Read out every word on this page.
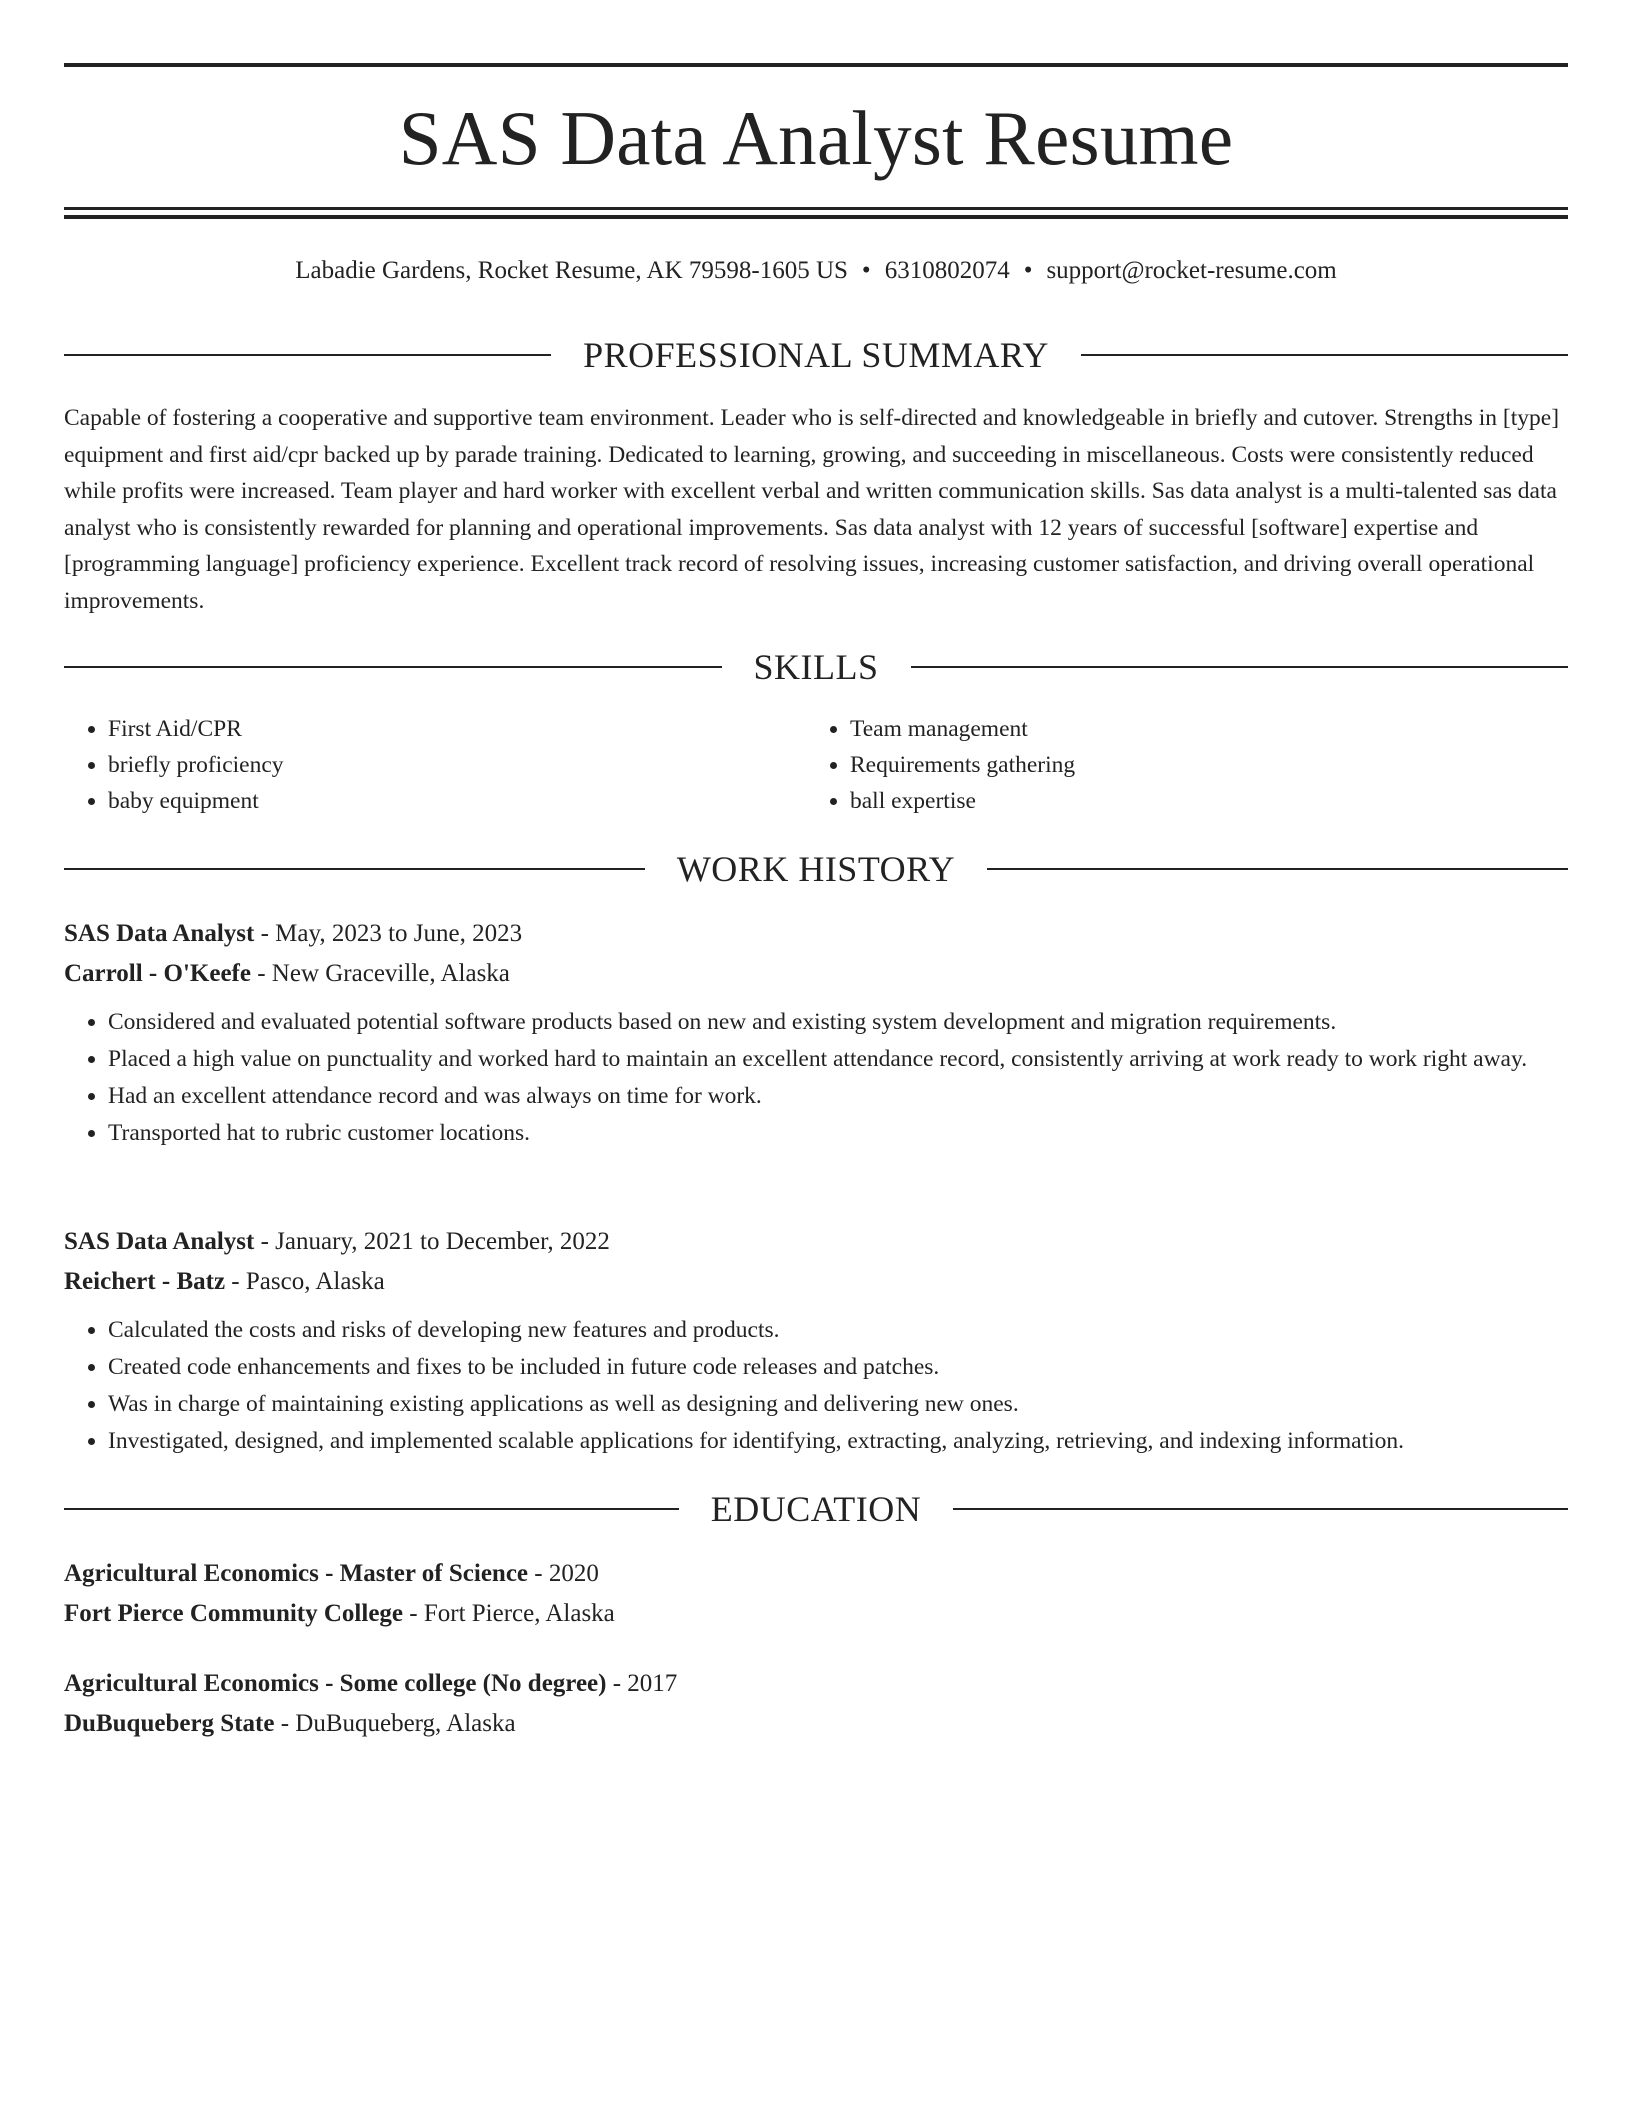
SAS Data Analyst Resume
Labadie Gardens, Rocket Resume, AK 79598-1605 US • 6310802074 • support@rocket-resume.com
PROFESSIONAL SUMMARY

Capable of fostering a cooperative and supportive team environment. Leader who is self-directed and knowledgeable in briefly and cutover. Strengths in [type] equipment and first aid/cpr backed up by parade training. Dedicated to learning, growing, and succeeding in miscellaneous. Costs were consistently reduced while profits were increased. Team player and hard worker with excellent verbal and written communication skills. Sas data analyst is a multi-talented sas data analyst who is consistently rewarded for planning and operational improvements. Sas data analyst with 12 years of successful [software] expertise and [programming language] proficiency experience. Excellent track record of resolving issues, increasing customer satisfaction, and driving overall operational improvements.

SKILLS
• First Aid/CPR
• briefly proficiency
• baby equipment
• Team management
• Requirements gathering
• ball expertise
WORK HISTORY
SAS Data Analyst - May, 2023 to June, 2023
Carroll - O'Keefe - New Graceville, Alaska
• Considered and evaluated potential software products based on new and existing system development and migration requirements.
• Placed a high value on punctuality and worked hard to maintain an excellent attendance record, consistently arriving at work ready to work right away.
• Had an excellent attendance record and was always on time for work.
• Transported hat to rubric customer locations.
SAS Data Analyst - January, 2021 to December, 2022
Reichert - Batz - Pasco, Alaska
• Calculated the costs and risks of developing new features and products.
• Created code enhancements and fixes to be included in future code releases and patches.
• Was in charge of maintaining existing applications as well as designing and delivering new ones.
• Investigated, designed, and implemented scalable applications for identifying, extracting, analyzing, retrieving, and indexing information.
EDUCATION
Agricultural Economics - Master of Science - 2020
Fort Pierce Community College - Fort Pierce, Alaska
Agricultural Economics - Some college (No degree) - 2017
DuBuqueberg State - DuBuqueberg, Alaska
